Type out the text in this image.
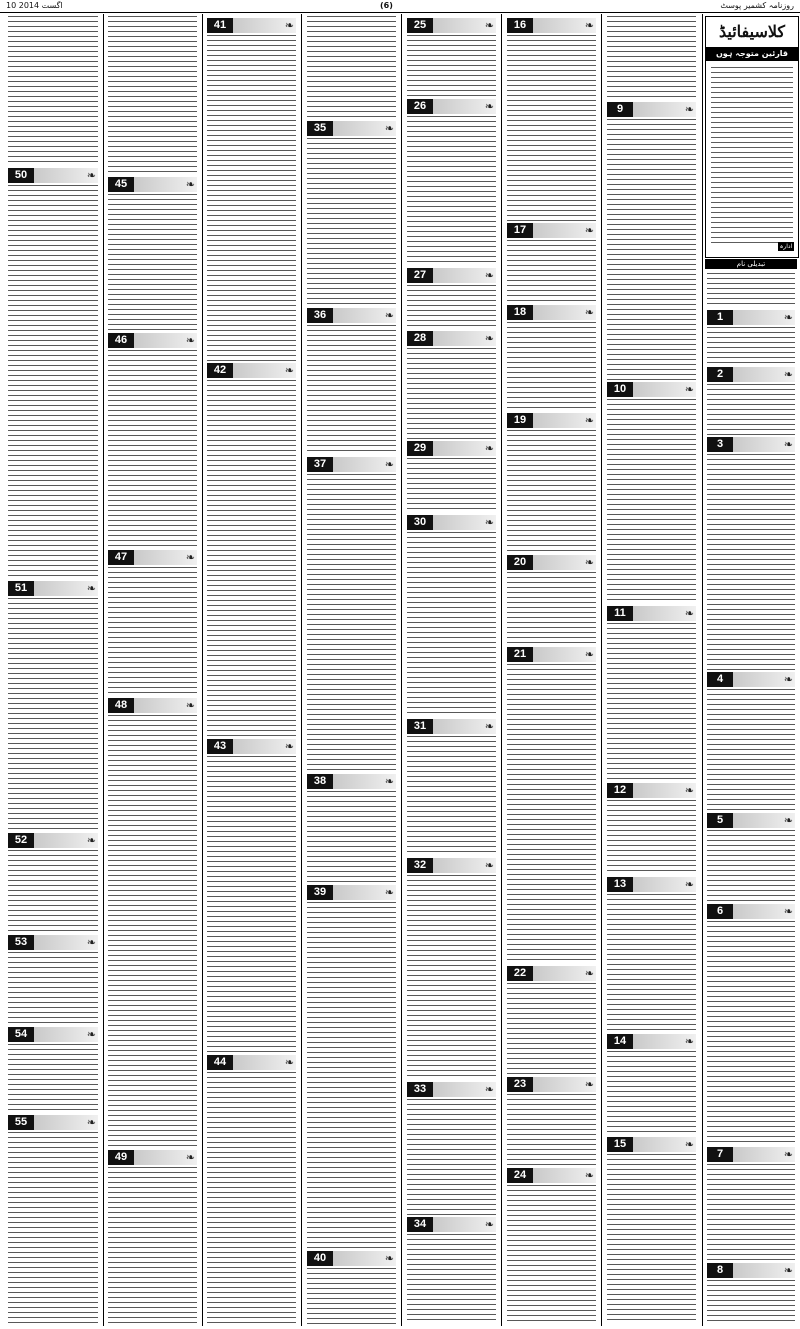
10 اگست 2014	(6)	روزنامہ کشمیر پوسٹ
1	❧
2	❧
3	❧
4	❧
5	❧
6	❧
7	❧
8	❧
9	❧
10	❧
11	❧
12	❧
13	❧
14	❧
15	❧
16	❧
17	❧
18	❧
19	❧
20	❧
21	❧
22	❧
23	❧
24	❧
25	❧
26	❧
27	❧
28	❧
29	❧
30	❧
31	❧
32	❧
33	❧
34	❧
35	❧
36	❧
37	❧
38	❧
39	❧
40	❧
41	❧
42	❧
43	❧
44	❧
45	❧
46	❧
47	❧
48	❧
49	❧
50	❧
51	❧
52	❧
53	❧
54	❧
55	❧
کلاسیفائیڈ
قارئین متوجہ ہوں
ادارہ
تبدیلی نام
